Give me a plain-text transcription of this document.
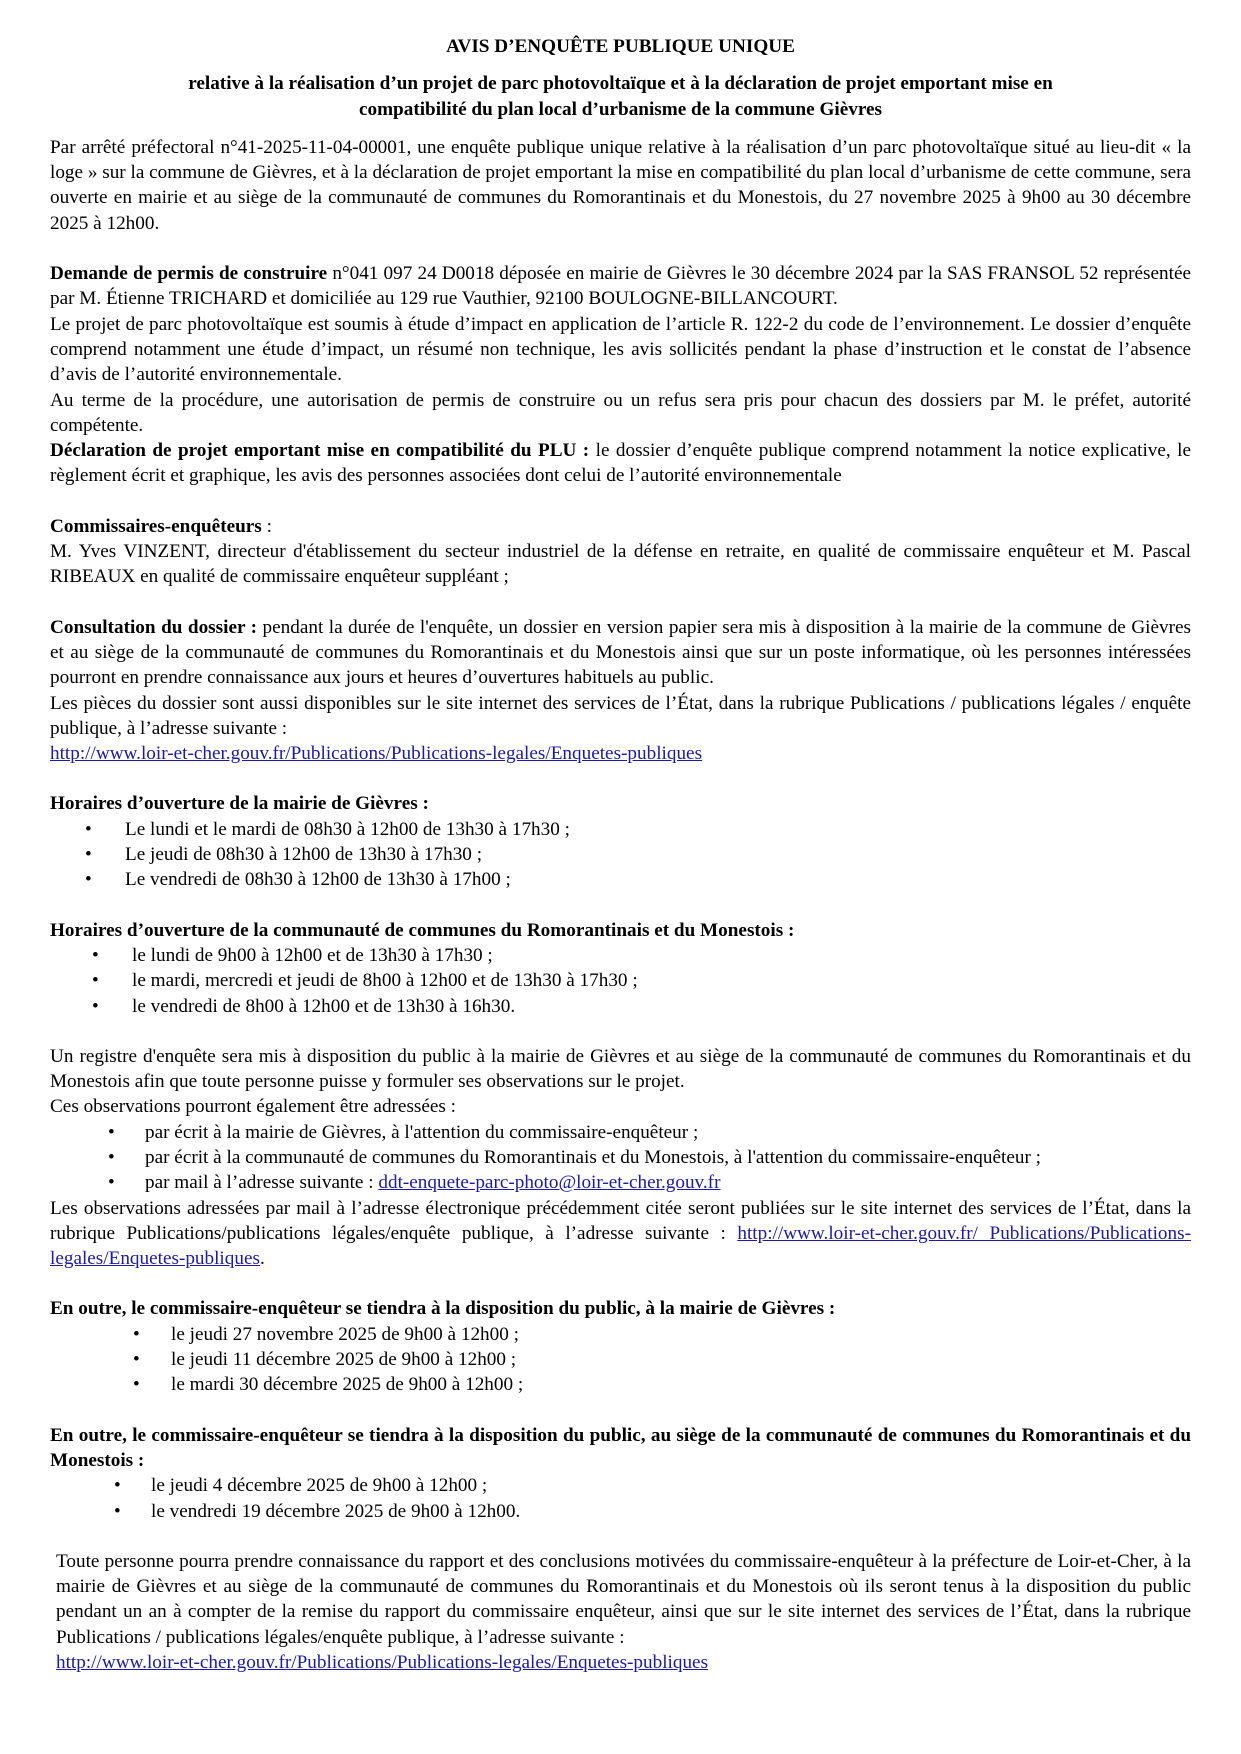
AVIS D’ENQUÊTE PUBLIQUE UNIQUE
relative à la réalisation d’un projet de parc photovoltaïque et à la déclaration de projet emportant mise en
compatibilité du plan local d’urbanisme de la commune Gièvres

Par arrêté préfectoral n°41-2025-11-04-00001, une enquête publique unique relative à la réalisation d’un parc photovoltaïque situé au lieu-dit « la loge » sur la commune de Gièvres, et à la déclaration de projet emportant la mise en compatibilité du plan local d’urbanisme de cette commune, sera ouverte en mairie et au siège de la communauté de communes du Romorantinais et du Monestois, du 27 novembre 2025 à 9h00 au 30 décembre 2025 à 12h00.

Demande de permis de construire n°041 097 24 D0018 déposée en mairie de Gièvres le 30 décembre 2024 par la SAS FRANSOL 52 représentée par M. Étienne TRICHARD et domiciliée au 129 rue Vauthier, 92100 BOULOGNE-BILLANCOURT.

Le projet de parc photovoltaïque est soumis à étude d’impact en application de l’article R. 122-2 du code de l’environnement. Le dossier d’enquête comprend notamment une étude d’impact, un résumé non technique, les avis sollicités pendant la phase d’instruction et le constat de l’absence d’avis de l’autorité environnementale.

Au terme de la procédure, une autorisation de permis de construire ou un refus sera pris pour chacun des dossiers par M. le préfet, autorité compétente.

Déclaration de projet emportant mise en compatibilité du PLU : le dossier d’enquête publique comprend notamment la notice explicative, le règlement écrit et graphique, les avis des personnes associées dont celui de l’autorité environnementale

Commissaires-enquêteurs :

M. Yves VINZENT, directeur d'établissement du secteur industriel de la défense en retraite, en qualité de commissaire enquêteur et M. Pascal RIBEAUX en qualité de commissaire enquêteur suppléant ;

Consultation du dossier : pendant la durée de l'enquête, un dossier en version papier sera mis à disposition à la mairie de la commune de Gièvres et au siège de la communauté de communes du Romorantinais et du Monestois ainsi que sur un poste informatique, où les personnes intéressées pourront en prendre connaissance aux jours et heures d’ouvertures habituels au public.

Les pièces du dossier sont aussi disponibles sur le site internet des services de l’État, dans la rubrique Publications / publications légales / enquête publique, à l’adresse suivante :

http://www.loir-et-cher.gouv.fr/Publications/Publications-legales/Enquetes-publiques

Horaires d’ouverture de la mairie de Gièvres :

• Le lundi et le mardi de 08h30 à 12h00 de 13h30 à 17h30 ;
• Le jeudi de 08h30 à 12h00 de 13h30 à 17h30 ;
• Le vendredi de 08h30 à 12h00 de 13h30 à 17h00 ;

Horaires d’ouverture de la communauté de communes du Romorantinais et du Monestois :

• le lundi de 9h00 à 12h00 et de 13h30 à 17h30 ;
• le mardi, mercredi et jeudi de 8h00 à 12h00 et de 13h30 à 17h30 ;
• le vendredi de 8h00 à 12h00 et de 13h30 à 16h30.

Un registre d'enquête sera mis à disposition du public à la mairie de Gièvres et au siège de la communauté de communes du Romorantinais et du Monestois afin que toute personne puisse y formuler ses observations sur le projet.

Ces observations pourront également être adressées :

• par écrit à la mairie de Gièvres, à l'attention du commissaire-enquêteur ;
• par écrit à la communauté de communes du Romorantinais et du Monestois, à l'attention du commissaire-enquêteur ;
• par mail à l’adresse suivante : ddt-enquete-parc-photo@loir-et-cher.gouv.fr

Les observations adressées par mail à l’adresse électronique précédemment citée seront publiées sur le site internet des services de l’État, dans la rubrique Publications/publications légales/enquête publique, à l’adresse suivante : http://www.loir-et-cher.gouv.fr/ Publications/Publications-legales/Enquetes-publiques.

En outre, le commissaire-enquêteur se tiendra à la disposition du public, à la mairie de Gièvres :

• le jeudi 27 novembre 2025 de 9h00 à 12h00 ;
• le jeudi 11 décembre 2025 de 9h00 à 12h00 ;
• le mardi 30 décembre 2025 de 9h00 à 12h00 ;

En outre, le commissaire-enquêteur se tiendra à la disposition du public, au siège de la communauté de communes du Romorantinais et du Monestois :

• le jeudi 4 décembre 2025 de 9h00 à 12h00 ;
• le vendredi 19 décembre 2025 de 9h00 à 12h00.

Toute personne pourra prendre connaissance du rapport et des conclusions motivées du commissaire-enquêteur à la préfecture de Loir-et-Cher, à la mairie de Gièvres et au siège de la communauté de communes du Romorantinais et du Monestois où ils seront tenus à la disposition du public pendant un an à compter de la remise du rapport du commissaire enquêteur, ainsi que sur le site internet des services de l’État, dans la rubrique Publications / publications légales/enquête publique, à l’adresse suivante :

http://www.loir-et-cher.gouv.fr/Publications/Publications-legales/Enquetes-publiques
